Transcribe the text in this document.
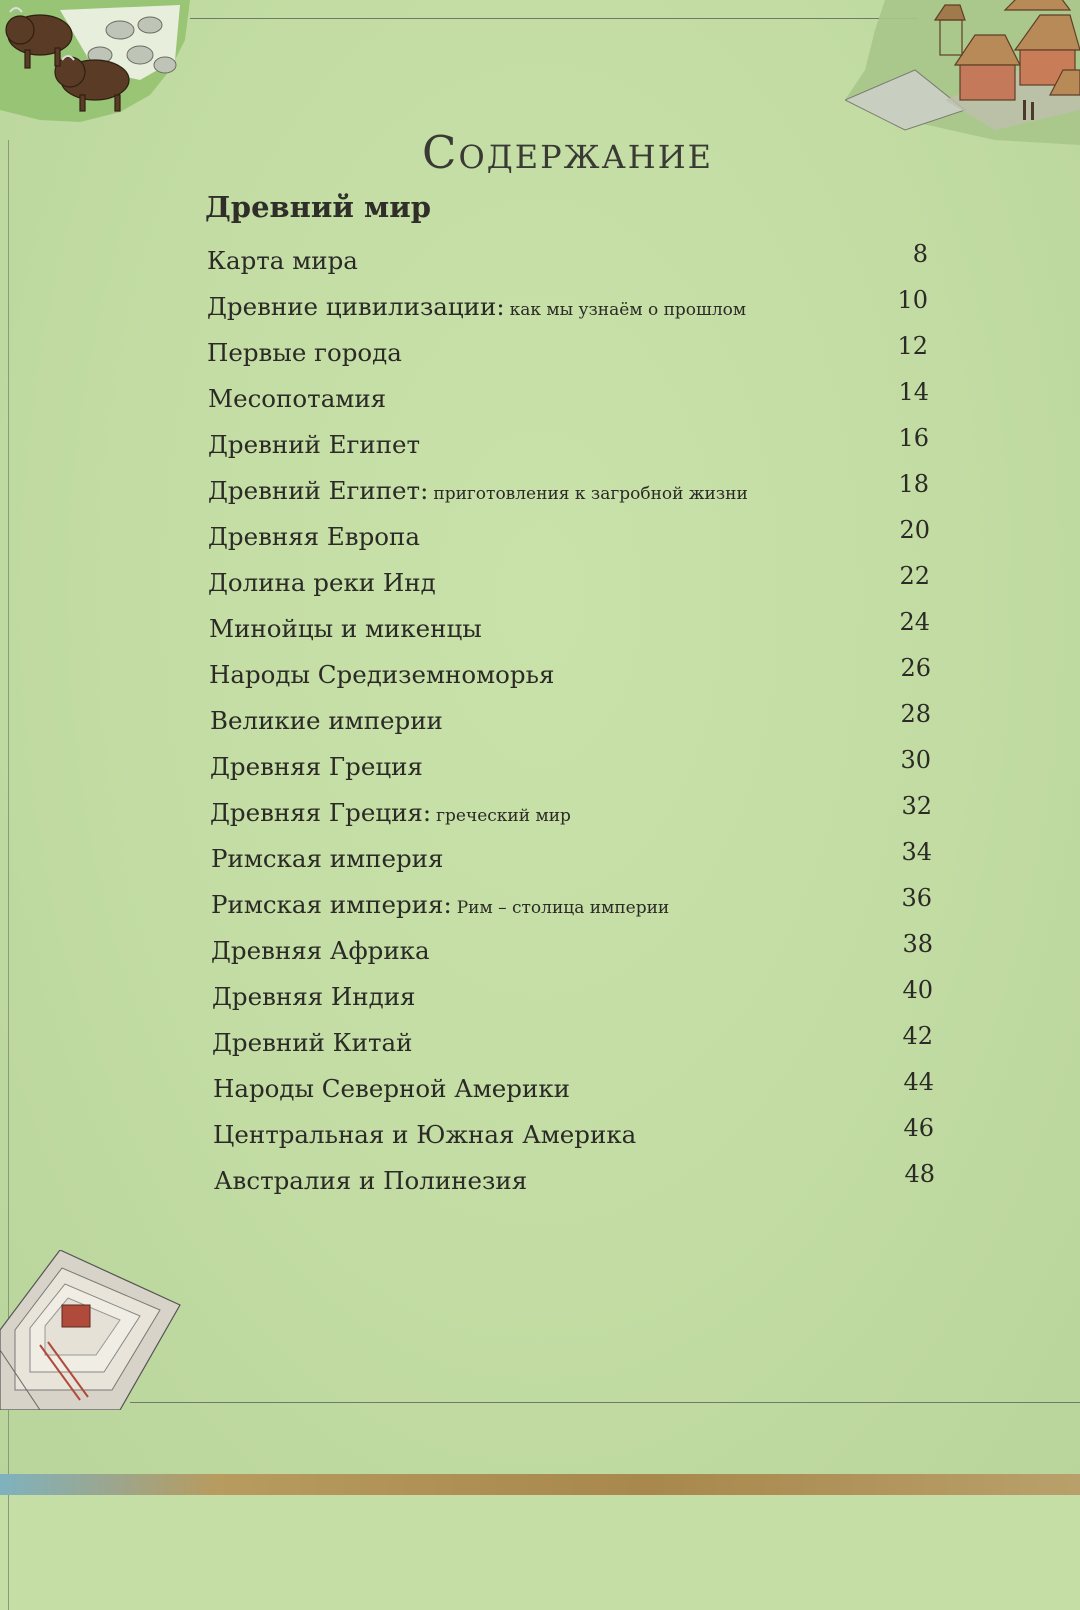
Содержание
Древний мир
Карта мира	8
Древние цивилизации: как мы узнаём о прошлом	10
Первые города	12
Месопотамия	14
Древний Египет	16
Древний Египет: приготовления к загробной жизни	18
Древняя Европа	20
Долина реки Инд	22
Минойцы и микенцы	24
Народы Средиземноморья	26
Великие империи	28
Древняя Греция	30
Древняя Греция: греческий мир	32
Римская империя	34
Римская империя: Рим – столица империи	36
Древняя Африка	38
Древняя Индия	40
Древний Китай	42
Народы Северной Америки	44
Центральная и Южная Америка	46
Австралия и Полинезия	48
